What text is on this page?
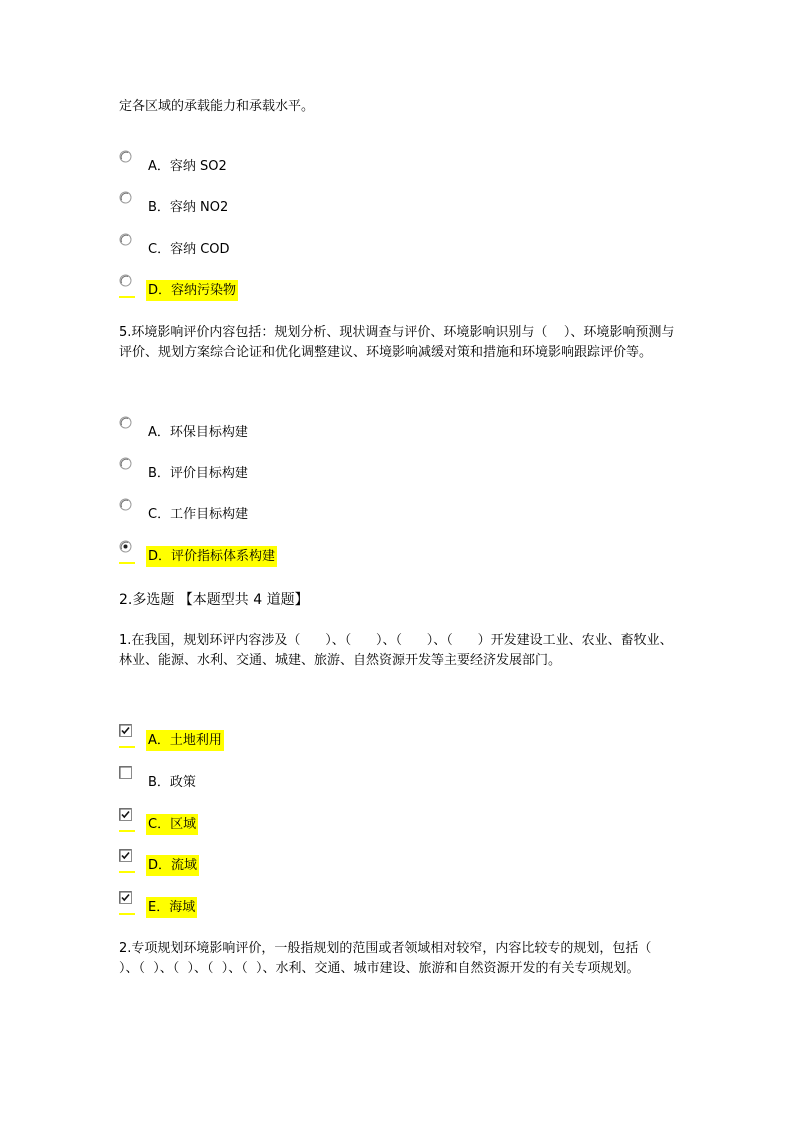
定各区域的承载能力和承载水平。
A．容纳 SO2
B．容纳 NO2
C．容纳 COD
D．容纳污染物
5.环境影响评价内容包括：规划分析、现状调查与评价、环境影响识别与（    ）、环境影响预测与评价、规划方案综合论证和优化调整建议、环境影响减缓对策和措施和环境影响跟踪评价等。
A．环保目标构建
B．评价目标构建
C．工作目标构建
D．评价指标体系构建
2.多选题 【本题型共 4 道题】
1.在我国，规划环评内容涉及（      ）、（      ）、（      ）、（      ）开发建设工业、农业、畜牧业、林业、能源、水利、交通、城建、旅游、自然资源开发等主要经济发展部门。
A．土地利用
B．政策
C．区域
D．流域
E．海域
2.专项规划环境影响评价，一般指规划的范围或者领域相对较窄，内容比较专的规划，包括（  ）、（  ）、（  ）、（  ）、（  ）、水利、交通、城市建设、旅游和自然资源开发的有关专项规划。
